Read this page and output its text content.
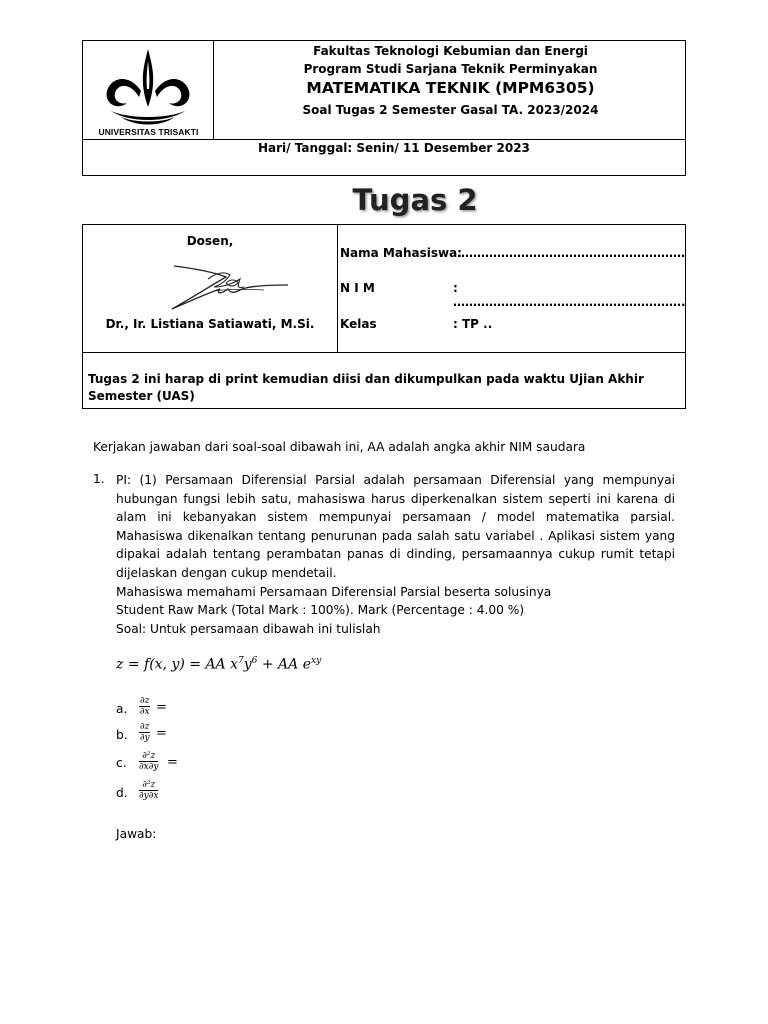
UNIVERSITAS TRISAKTI
Fakultas Teknologi Kebumian dan Energi
Program Studi Sarjana Teknik Perminyakan
MATEMATIKA TEKNIK (MPM6305)
Soal Tugas 2 Semester Gasal TA. 2023/2024
Hari/ Tanggal: Senin/ 11 Desember 2023
Tugas 2
Dosen,
Dr., Ir. Listiana Satiawati, M.Si.
Nama Mahasiswa:
…………………………………………………
N I M	: ………………………………………………….
Kelas	: TP ..
Tugas 2 ini harap di print kemudian diisi dan dikumpulkan pada waktu Ujian Akhir Semester (UAS)
Kerjakan jawaban dari soal-soal dibawah ini, AA adalah angka akhir NIM saudara
1. PI: (1) Persamaan Diferensial Parsial adalah persamaan Diferensial yang mempunyai hubungan fungsi lebih satu, mahasiswa harus diperkenalkan sistem seperti ini karena di alam ini kebanyakan sistem mempunyai persamaan / model matematika parsial. Mahasiswa dikenalkan tentang penurunan pada salah satu variabel . Aplikasi sistem yang dipakai adalah tentang perambatan panas di dinding, persamaannya cukup rumit tetapi dijelaskan dengan cukup mendetail.

Mahasiswa memahami Persamaan Diferensial Parsial beserta solusinya

Student Raw Mark (Total Mark : 100%). Mark (Percentage : 4.00 %)

Soal: Untuk persamaan dibawah ini tulislah
z = f(x, y) = AA $x^7y^6$ + AA $e^{xy}$
a. $\frac{\partial z}{\partial x}$ =
b. $\frac{\partial z}{\partial y}$ =
c. $\frac{\text{∂²z}}{\partial x\partial y}$ =
d. $\frac{\text{∂²z}}{\partial y\partial x}$
Jawab:
